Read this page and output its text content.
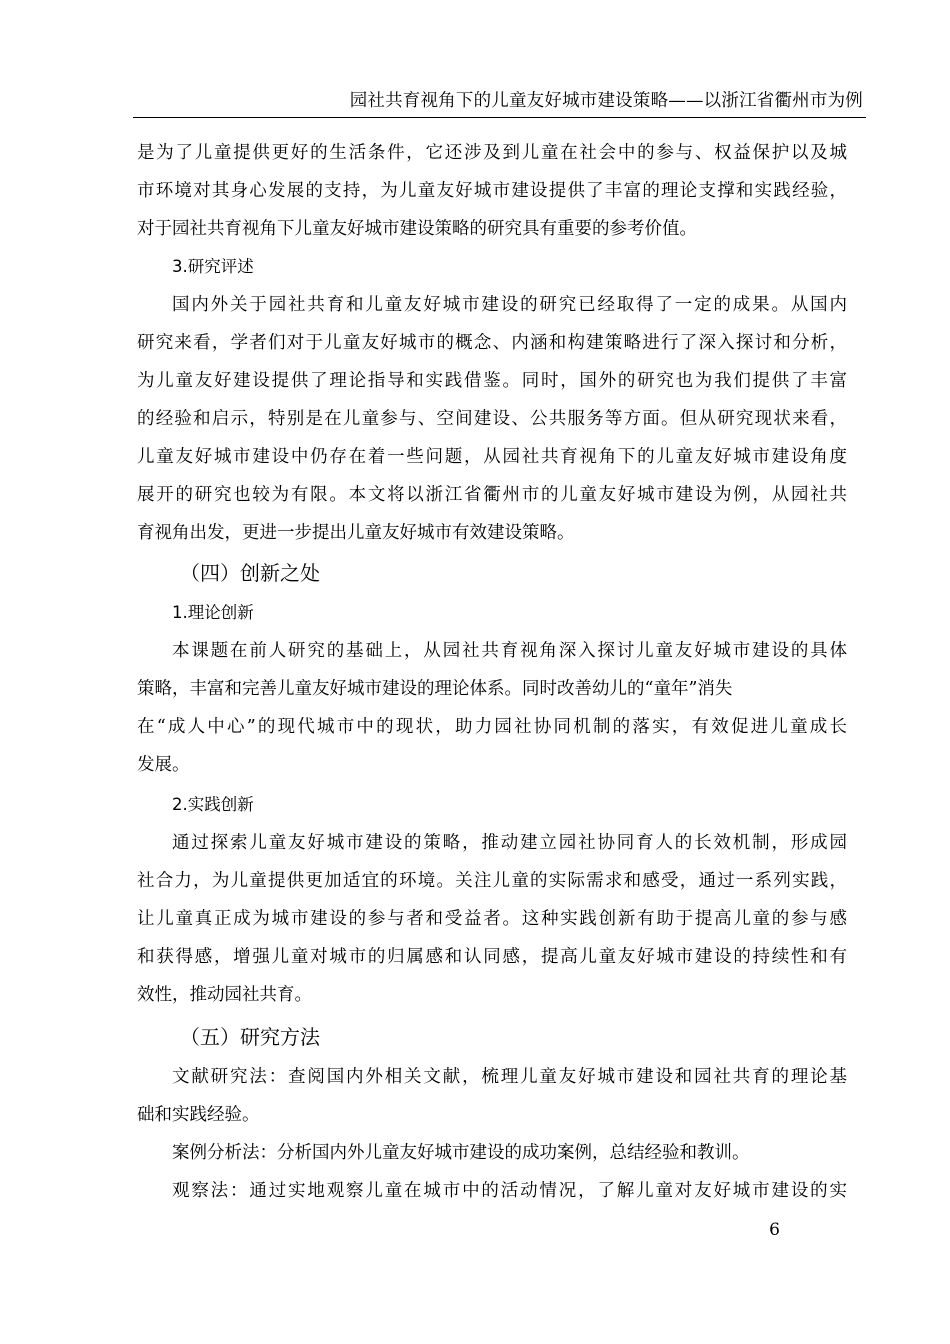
园社共育视角下的儿童友好城市建设策略——以浙江省衢州市为例
是为了儿童提供更好的生活条件，它还涉及到儿童在社会中的参与、权益保护以及城
市环境对其身心发展的支持，为儿童友好城市建设提供了丰富的理论支撑和实践经验，
对于园社共育视角下儿童友好城市建设策略的研究具有重要的参考价值。
3.研究评述
国内外关于园社共育和儿童友好城市建设的研究已经取得了一定的成果。从国内
研究来看，学者们对于儿童友好城市的概念、内涵和构建策略进行了深入探讨和分析，
为儿童友好建设提供了理论指导和实践借鉴。同时，国外的研究也为我们提供了丰富
的经验和启示，特别是在儿童参与、空间建设、公共服务等方面。但从研究现状来看，
儿童友好城市建设中仍存在着一些问题，从园社共育视角下的儿童友好城市建设角度
展开的研究也较为有限。本文将以浙江省衢州市的儿童友好城市建设为例，从园社共
育视角出发，更进一步提出儿童友好城市有效建设策略。
（四）创新之处
1.理论创新
本课题在前人研究的基础上，从园社共育视角深入探讨儿童友好城市建设的具体
策略，丰富和完善儿童友好城市建设的理论体系。同时改善幼儿的“童年”消失
在“成人中心”的现代城市中的现状，助力园社协同机制的落实，有效促进儿童成长
发展。
2.实践创新
通过探索儿童友好城市建设的策略，推动建立园社协同育人的长效机制，形成园
社合力，为儿童提供更加适宜的环境。关注儿童的实际需求和感受，通过一系列实践，
让儿童真正成为城市建设的参与者和受益者。这种实践创新有助于提高儿童的参与感
和获得感，增强儿童对城市的归属感和认同感，提高儿童友好城市建设的持续性和有
效性，推动园社共育。
（五）研究方法
文献研究法：查阅国内外相关文献，梳理儿童友好城市建设和园社共育的理论基
础和实践经验。
案例分析法：分析国内外儿童友好城市建设的成功案例，总结经验和教训。
观察法：通过实地观察儿童在城市中的活动情况，了解儿童对友好城市建设的实
6
